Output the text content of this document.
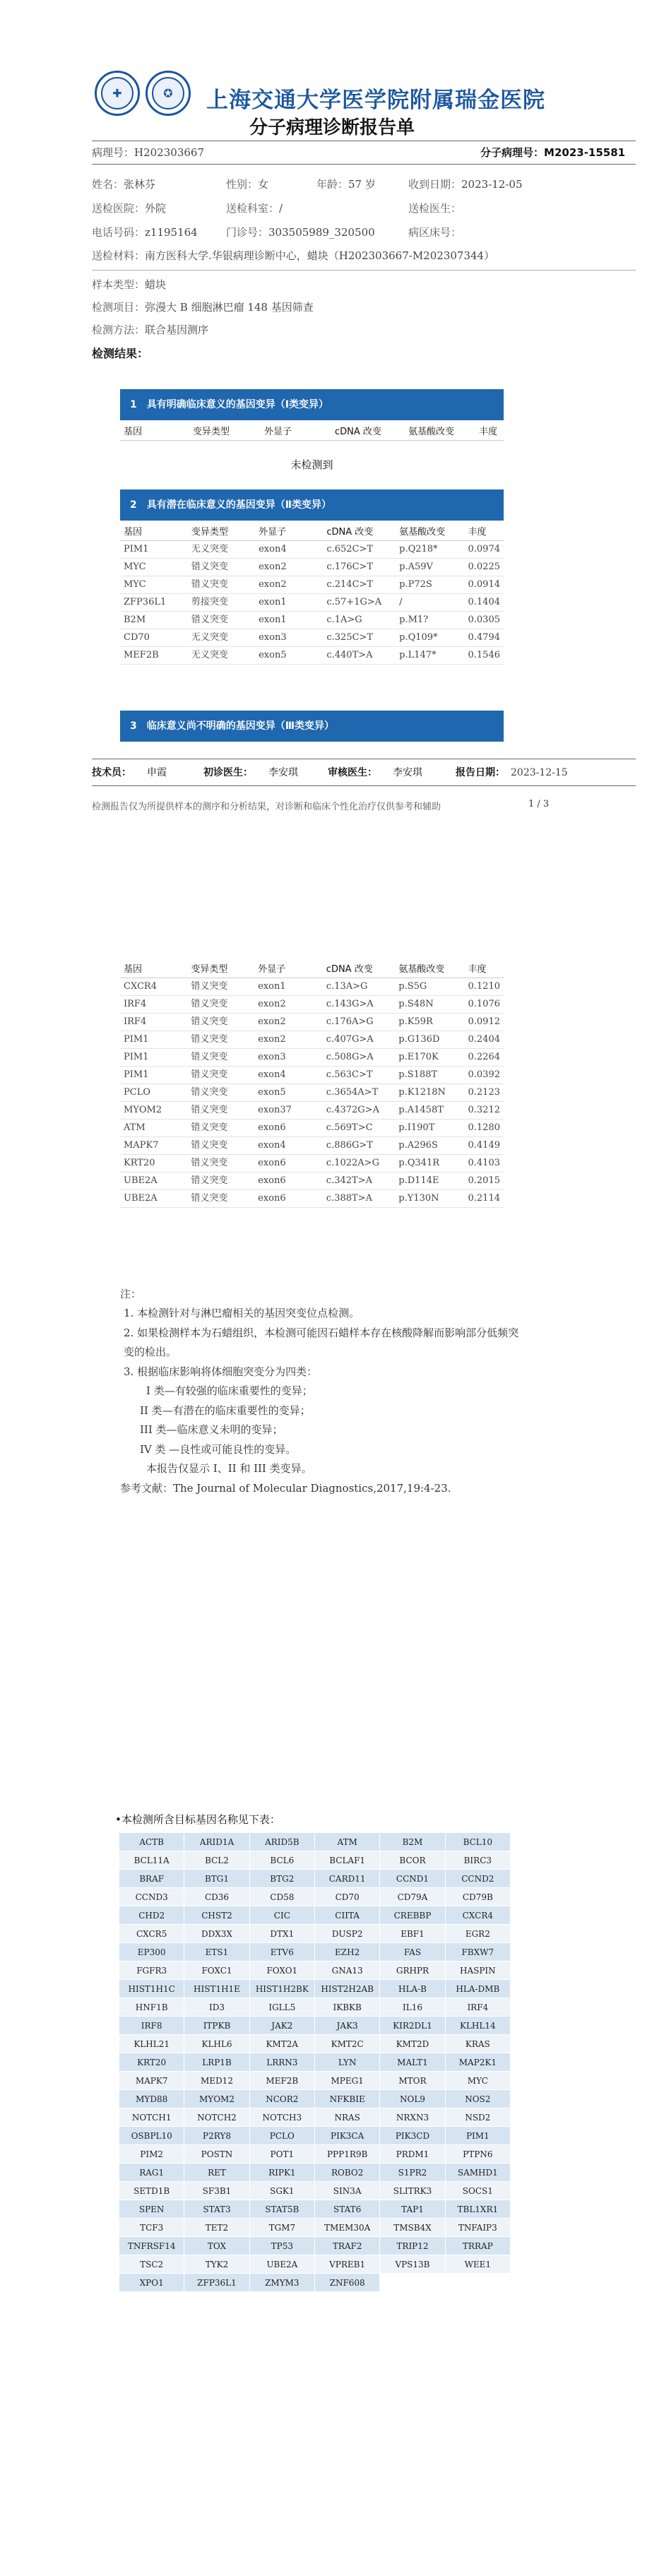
✚	✪ 上海交通大学医学院附属瑞金医院
分子病理诊断报告单
病理号：H202303667	分子病理号：M2023-15581
姓名：张林芬	性别：女	年龄：57 岁	收到日期：2023-12-05
送检医院：外院	送检科室：/	送检医生：
电话号码：z1195164	门诊号：303505989_320500	病区床号：
送检材料：南方医科大学.华银病理诊断中心，蜡块（H202303667-M202307344）
样本类型：蜡块
检测项目：弥漫大 B 细胞淋巴瘤 148 基因筛查
检测方法：联合基因测序
检测结果：
1　具有明确临床意义的基因变异（Ⅰ类变异）
基因	变异类型	外显子	cDNA 改变	氨基酸改变	丰度
未检测到
2　具有潜在临床意义的基因变异（Ⅱ类变异）
基因	变异类型	外显子	cDNA 改变	氨基酸改变	丰度
PIM1	无义突变	exon4	c.652C>T	p.Q218*	0.0974
MYC	错义突变	exon2	c.176C>T	p.A59V	0.0225
MYC	错义突变	exon2	c.214C>T	p.P72S	0.0914
ZFP36L1	剪接突变	exon1	c.57+1G>A	/	0.1404
B2M	错义突变	exon1	c.1A>G	p.M1?	0.0305
CD70	无义突变	exon3	c.325C>T	p.Q109*	0.4794
MEF2B	无义突变	exon5	c.440T>A	p.L147*	0.1546
3　临床意义尚不明确的基因变异（Ⅲ类变异）
技术员： 申霞	初诊医生： 李安琪	审核医生： 李安琪	报告日期： 2023-12-15
检测报告仅为所提供样本的测序和分析结果，对诊断和临床个性化治疗仅供参考和辅助	1 / 3
基因	变异类型	外显子	cDNA 改变	氨基酸改变	丰度
CXCR4	错义突变	exon1	c.13A>G	p.S5G	0.1210
IRF4	错义突变	exon2	c.143G>A	p.S48N	0.1076
IRF4	错义突变	exon2	c.176A>G	p.K59R	0.0912
PIM1	错义突变	exon2	c.407G>A	p.G136D	0.2404
PIM1	错义突变	exon3	c.508G>A	p.E170K	0.2264
PIM1	错义突变	exon4	c.563C>T	p.S188T	0.0392
PCLO	错义突变	exon5	c.3654A>T	p.K1218N	0.2123
MYOM2	错义突变	exon37	c.4372G>A	p.A1458T	0.3212
ATM	错义突变	exon6	c.569T>C	p.I190T	0.1280
MAPK7	错义突变	exon4	c.886G>T	p.A296S	0.4149
KRT20	错义突变	exon6	c.1022A>G	p.Q341R	0.4103
UBE2A	错义突变	exon6	c.342T>A	p.D114E	0.2015
UBE2A	错义突变	exon6	c.388T>A	p.Y130N	0.2114
注：
1. 本检测针对与淋巴瘤相关的基因突变位点检测。
2. 如果检测样本为石蜡组织，本检测可能因石蜡样本存在核酸降解而影响部分低频突
变的检出。
3. 根据临床影响将体细胞突变分为四类：
I 类—有较强的临床重要性的变异；
II 类—有潜在的临床重要性的变异；
III 类—临床意义未明的变异；
IV 类 —良性或可能良性的变异。
本报告仅显示 I、II 和 III 类变异。
参考文献：The Journal of Molecular Diagnostics,2017,19:4-23.
•本检测所含目标基因名称见下表：
ACTB	ARID1A	ARID5B	ATM	B2M	BCL10
BCL11A	BCL2	BCL6	BCLAF1	BCOR	BIRC3
BRAF	BTG1	BTG2	CARD11	CCND1	CCND2
CCND3	CD36	CD58	CD70	CD79A	CD79B
CHD2	CHST2	CIC	CIITA	CREBBP	CXCR4
CXCR5	DDX3X	DTX1	DUSP2	EBF1	EGR2
EP300	ETS1	ETV6	EZH2	FAS	FBXW7
FGFR3	FOXC1	FOXO1	GNA13	GRHPR	HASPIN
HIST1H1C	HIST1H1E	HIST1H2BK	HIST2H2AB	HLA-B	HLA-DMB
HNF1B	ID3	IGLL5	IKBKB	IL16	IRF4
IRF8	ITPKB	JAK2	JAK3	KIR2DL1	KLHL14
KLHL21	KLHL6	KMT2A	KMT2C	KMT2D	KRAS
KRT20	LRP1B	LRRN3	LYN	MALT1	MAP2K1
MAPK7	MED12	MEF2B	MPEG1	MTOR	MYC
MYD88	MYOM2	NCOR2	NFKBIE	NOL9	NOS2
NOTCH1	NOTCH2	NOTCH3	NRAS	NRXN3	NSD2
OSBPL10	P2RY8	PCLO	PIK3CA	PIK3CD	PIM1
PIM2	POSTN	POT1	PPP1R9B	PRDM1	PTPN6
RAG1	RET	RIPK1	ROBO2	S1PR2	SAMHD1
SETD1B	SF3B1	SGK1	SIN3A	SLITRK3	SOCS1
SPEN	STAT3	STAT5B	STAT6	TAP1	TBL1XR1
TCF3	TET2	TGM7	TMEM30A	TMSB4X	TNFAIP3
TNFRSF14	TOX	TP53	TRAF2	TRIP12	TRRAP
TSC2	TYK2	UBE2A	VPREB1	VPS13B	WEE1
XPO1	ZFP36L1	ZMYM3	ZNF608		
